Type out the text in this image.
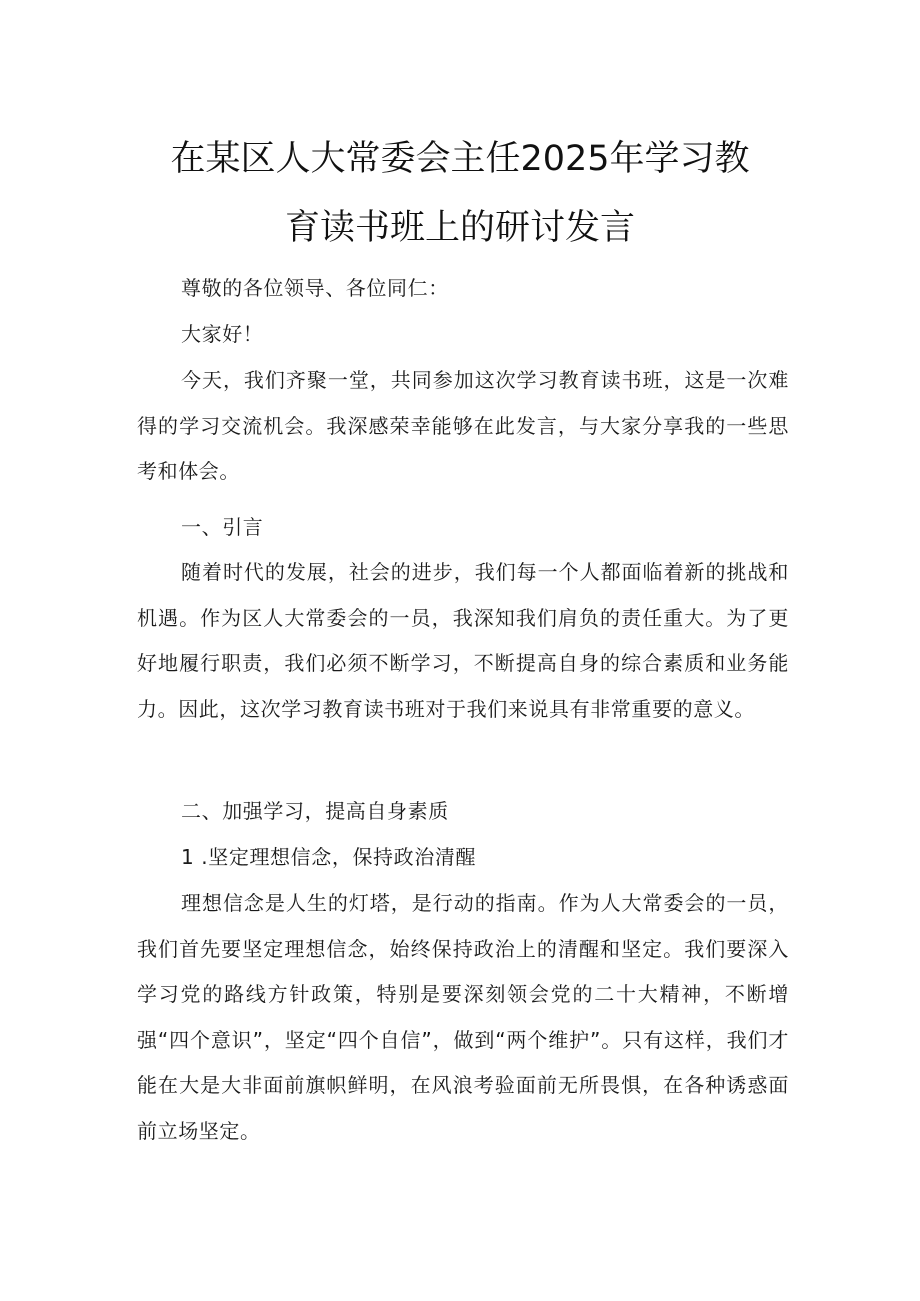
在某区人大常委会主任2025年学习教
育读书班上的研讨发言

尊敬的各位领导、各位同仁：

大家好！

今天，我们齐聚一堂，共同参加这次学习教育读书班，这是一次难得的学习交流机会。我深感荣幸能够在此发言，与大家分享我的一些思考和体会。

一、引言

随着时代的发展，社会的进步，我们每一个人都面临着新的挑战和机遇。作为区人大常委会的一员，我深知我们肩负的责任重大。为了更好地履行职责，我们必须不断学习，不断提高自身的综合素质和业务能力。因此，这次学习教育读书班对于我们来说具有非常重要的意义。

二、加强学习，提高自身素质

1 .坚定理想信念，保持政治清醒

理想信念是人生的灯塔，是行动的指南。作为人大常委会的一员，我们首先要坚定理想信念，始终保持政治上的清醒和坚定。我们要深入学习党的路线方针政策，特别是要深刻领会党的二十大精神，不断增强“四个意识”，坚定“四个自信”，做到“两个维护”。只有这样，我们才能在大是大非面前旗帜鲜明，在风浪考验面前无所畏惧，在各种诱惑面前立场坚定。
